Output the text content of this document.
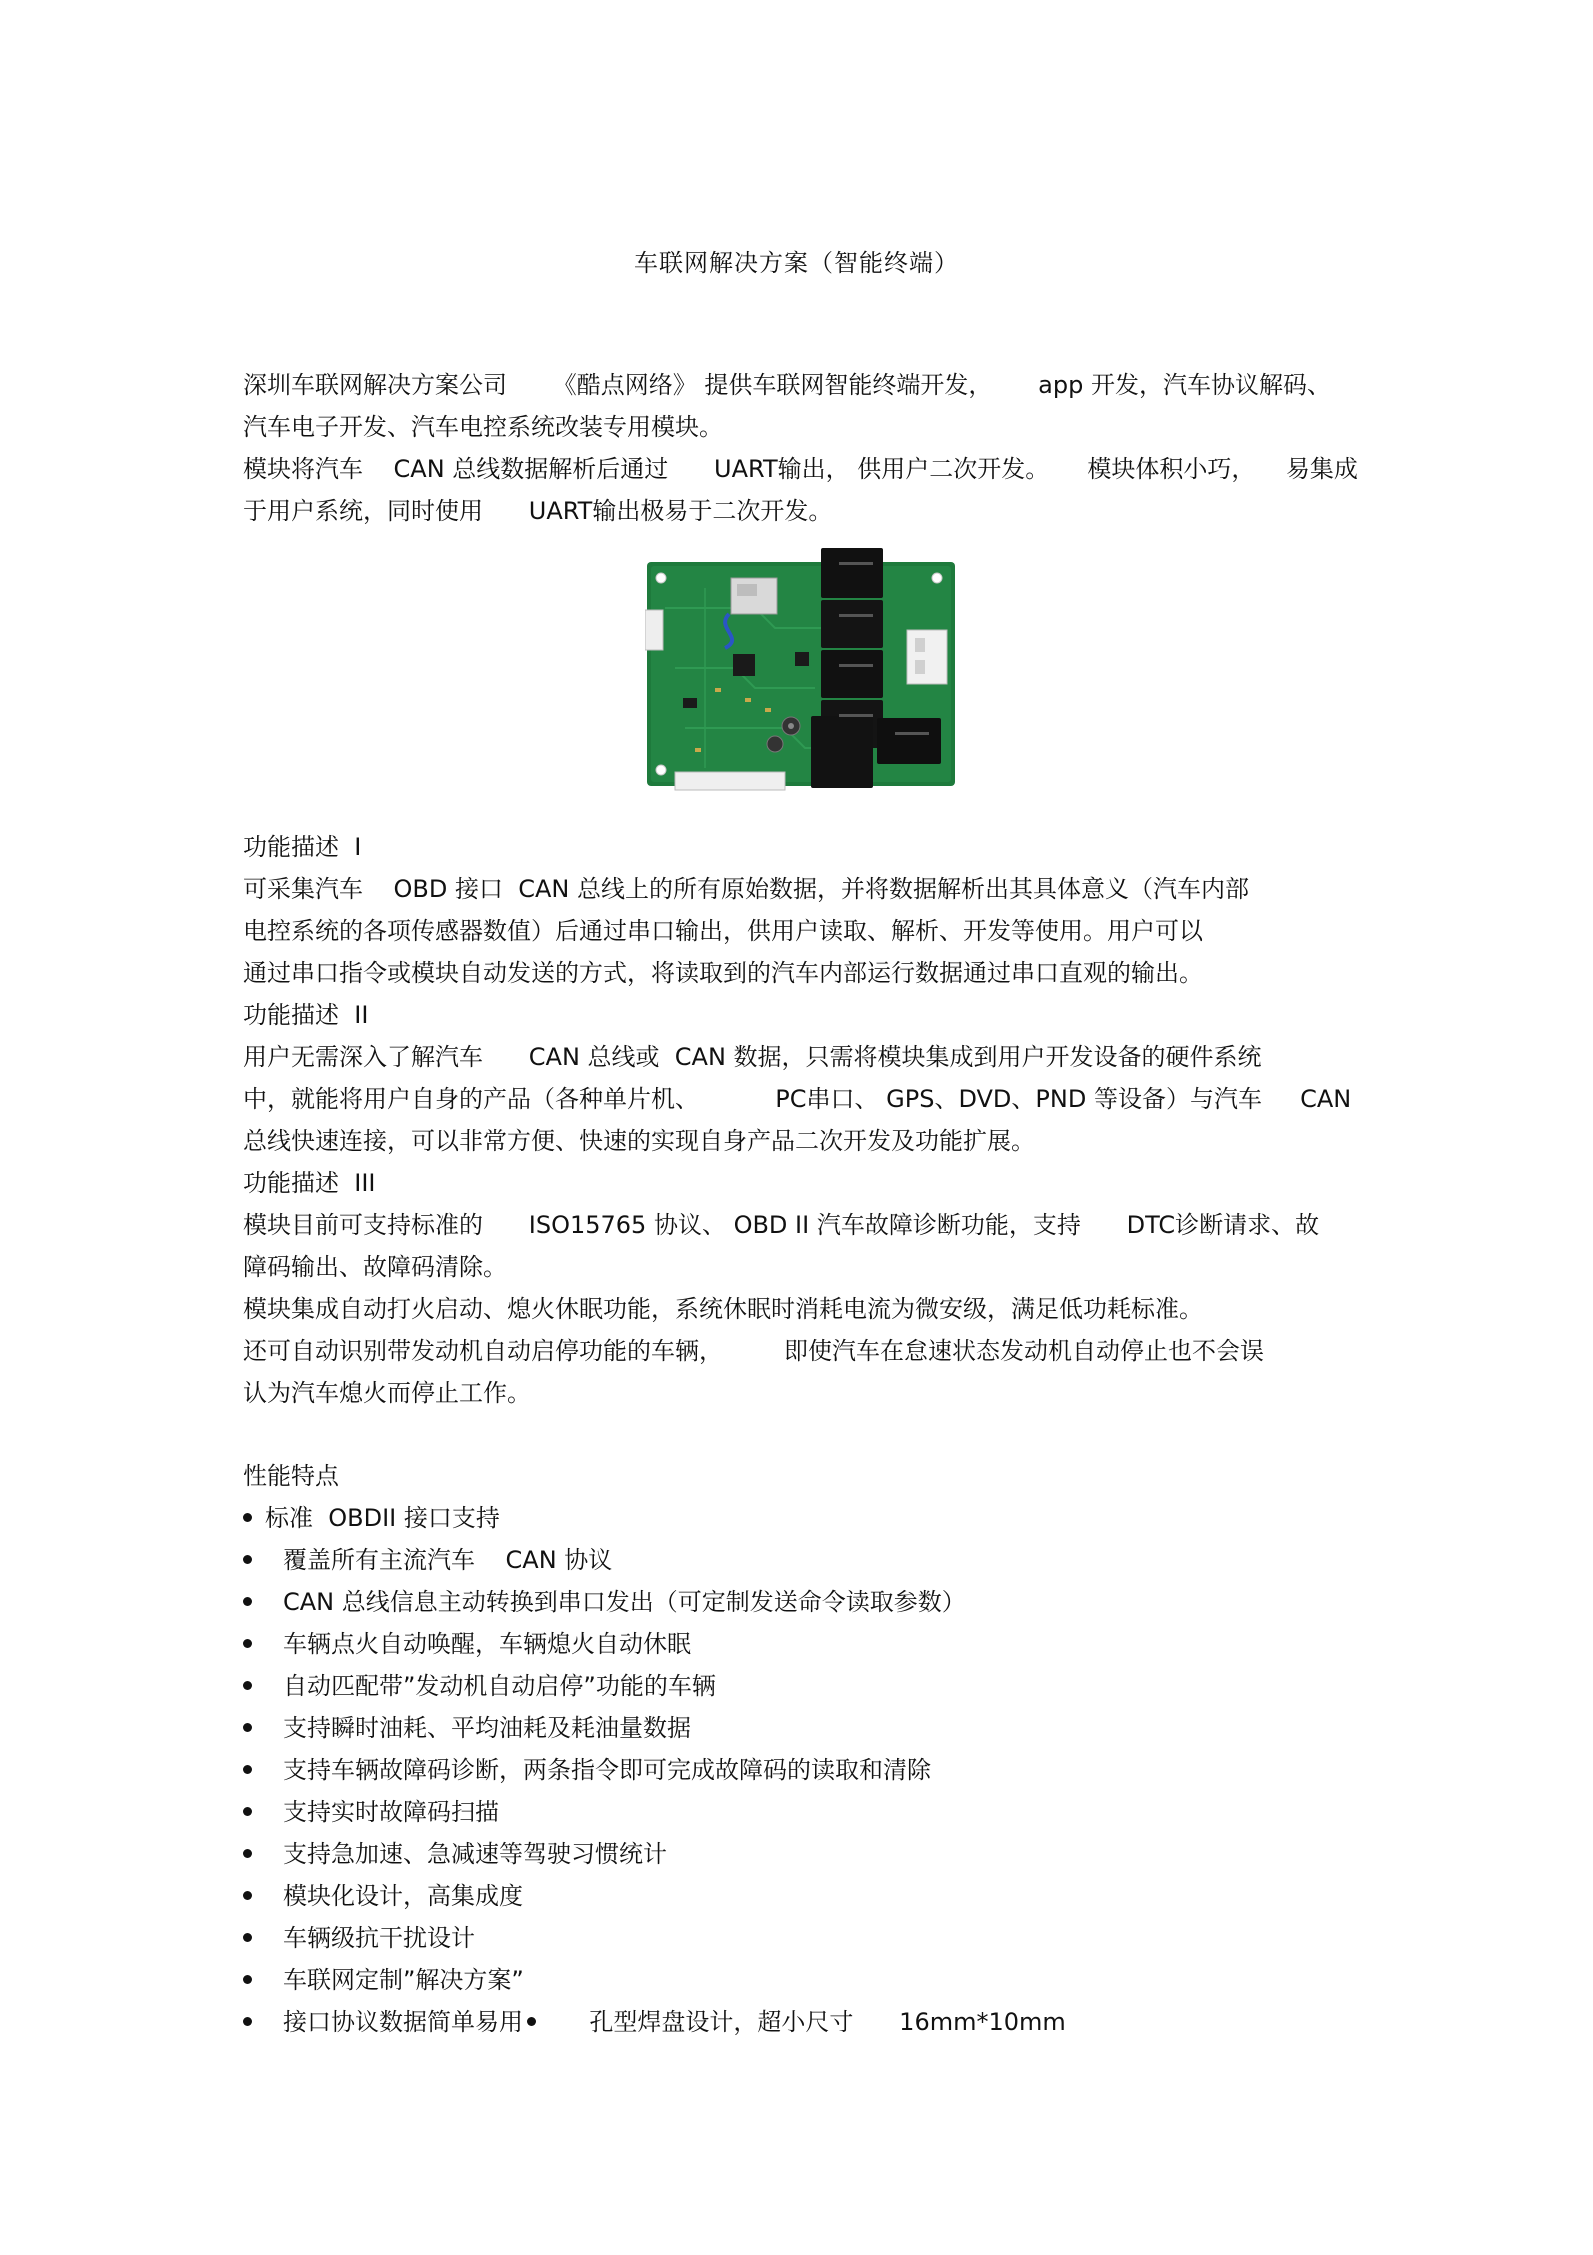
车联网解决方案（智能终端）
深圳车联网解决方案公司      《酷点网络》 提供车联网智能终端开发，      app 开发，汽车协议解码、
汽车电子开发、汽车电控系统改装专用模块。
模块将汽车    CAN 总线数据解析后通过      UART输出， 供用户二次开发。     模块体积小巧，    易集成
于用户系统，同时使用      UART输出极易于二次开发。
功能描述  I
可采集汽车    OBD 接口  CAN 总线上的所有原始数据，并将数据解析出其具体意义（汽车内部
电控系统的各项传感器数值）后通过串口输出，供用户读取、解析、开发等使用。用户可以
通过串口指令或模块自动发送的方式，将读取到的汽车内部运行数据通过串口直观的输出。
功能描述  II
用户无需深入了解汽车      CAN 总线或  CAN 数据，只需将模块集成到用户开发设备的硬件系统
中，就能将用户自身的产品（各种单片机、          PC串口、 GPS、DVD、PND 等设备）与汽车     CAN
总线快速连接，可以非常方便、快速的实现自身产品二次开发及功能扩展。
功能描述  III
模块目前可支持标准的      ISO15765 协议、 OBD II 汽车故障诊断功能，支持      DTC诊断请求、故
障码输出、故障码清除。
模块集成自动打火启动、熄火休眠功能，系统休眠时消耗电流为微安级，满足低功耗标准。
还可自动识别带发动机自动启停功能的车辆，        即使汽车在怠速状态发动机自动停止也不会误
认为汽车熄火而停止工作。
性能特点
标准  OBDII 接口支持
覆盖所有主流汽车    CAN 协议
CAN 总线信息主动转换到串口发出（可定制发送命令读取参数）
车辆点火自动唤醒，车辆熄火自动休眠
自动匹配带”发动机自动启停”功能的车辆
支持瞬时油耗、平均油耗及耗油量数据
支持车辆故障码诊断，两条指令即可完成故障码的读取和清除
支持实时故障码扫描
支持急加速、急减速等驾驶习惯统计
模块化设计，高集成度
车辆级抗干扰设计
车联网定制”解决方案”
接口协议数据简单易用       孔型焊盘设计，超小尺寸      16mm*10mm
